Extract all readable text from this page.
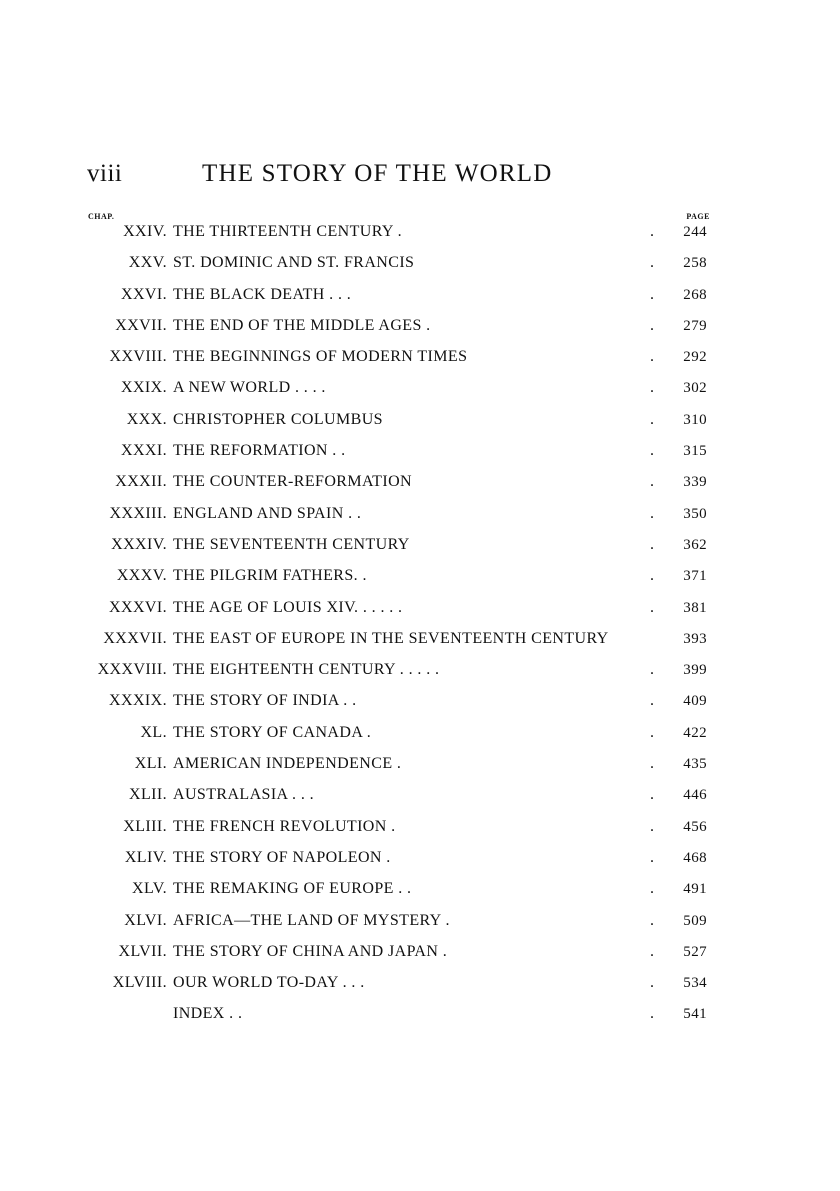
viii	THE STORY OF THE WORLD
CHAP.	PAGE
XXIV. THE THIRTEENTH CENTURY .	. 244
XXV. ST. DOMINIC AND ST. FRANCIS	. 258
XXVI. THE BLACK DEATH . . .	. 268
XXVII. THE END OF THE MIDDLE AGES .	. 279
XXVIII. THE BEGINNINGS OF MODERN TIMES	. 292
XXIX. A NEW WORLD . . . .	. 302
XXX. CHRISTOPHER COLUMBUS	. 310
XXXI. THE REFORMATION . .	. 315
XXXII. THE COUNTER-REFORMATION	. 339
XXXIII. ENGLAND AND SPAIN . .	. 350
XXXIV. THE SEVENTEENTH CENTURY	. 362
XXXV. THE PILGRIM FATHERS. .	. 371
XXXVI. THE AGE OF LOUIS XIV. . . . . .	. 381
XXXVII. THE EAST OF EUROPE IN THE SEVENTEENTH CENTURY	393
XXXVIII. THE EIGHTEENTH CENTURY . . . . .	. 399
XXXIX. THE STORY OF INDIA . .	. 409
XL. THE STORY OF CANADA .	. 422
XLI. AMERICAN INDEPENDENCE .	. 435
XLII. AUSTRALASIA . . .	. 446
XLIII. THE FRENCH REVOLUTION .	. 456
XLIV. THE STORY OF NAPOLEON .	. 468
XLV. THE REMAKING OF EUROPE . .	. 491
XLVI. AFRICA—THE LAND OF MYSTERY .	. 509
XLVII. THE STORY OF CHINA AND JAPAN .	. 527
XLVIII. OUR WORLD TO-DAY . . .	. 534
INDEX . .	. 541
